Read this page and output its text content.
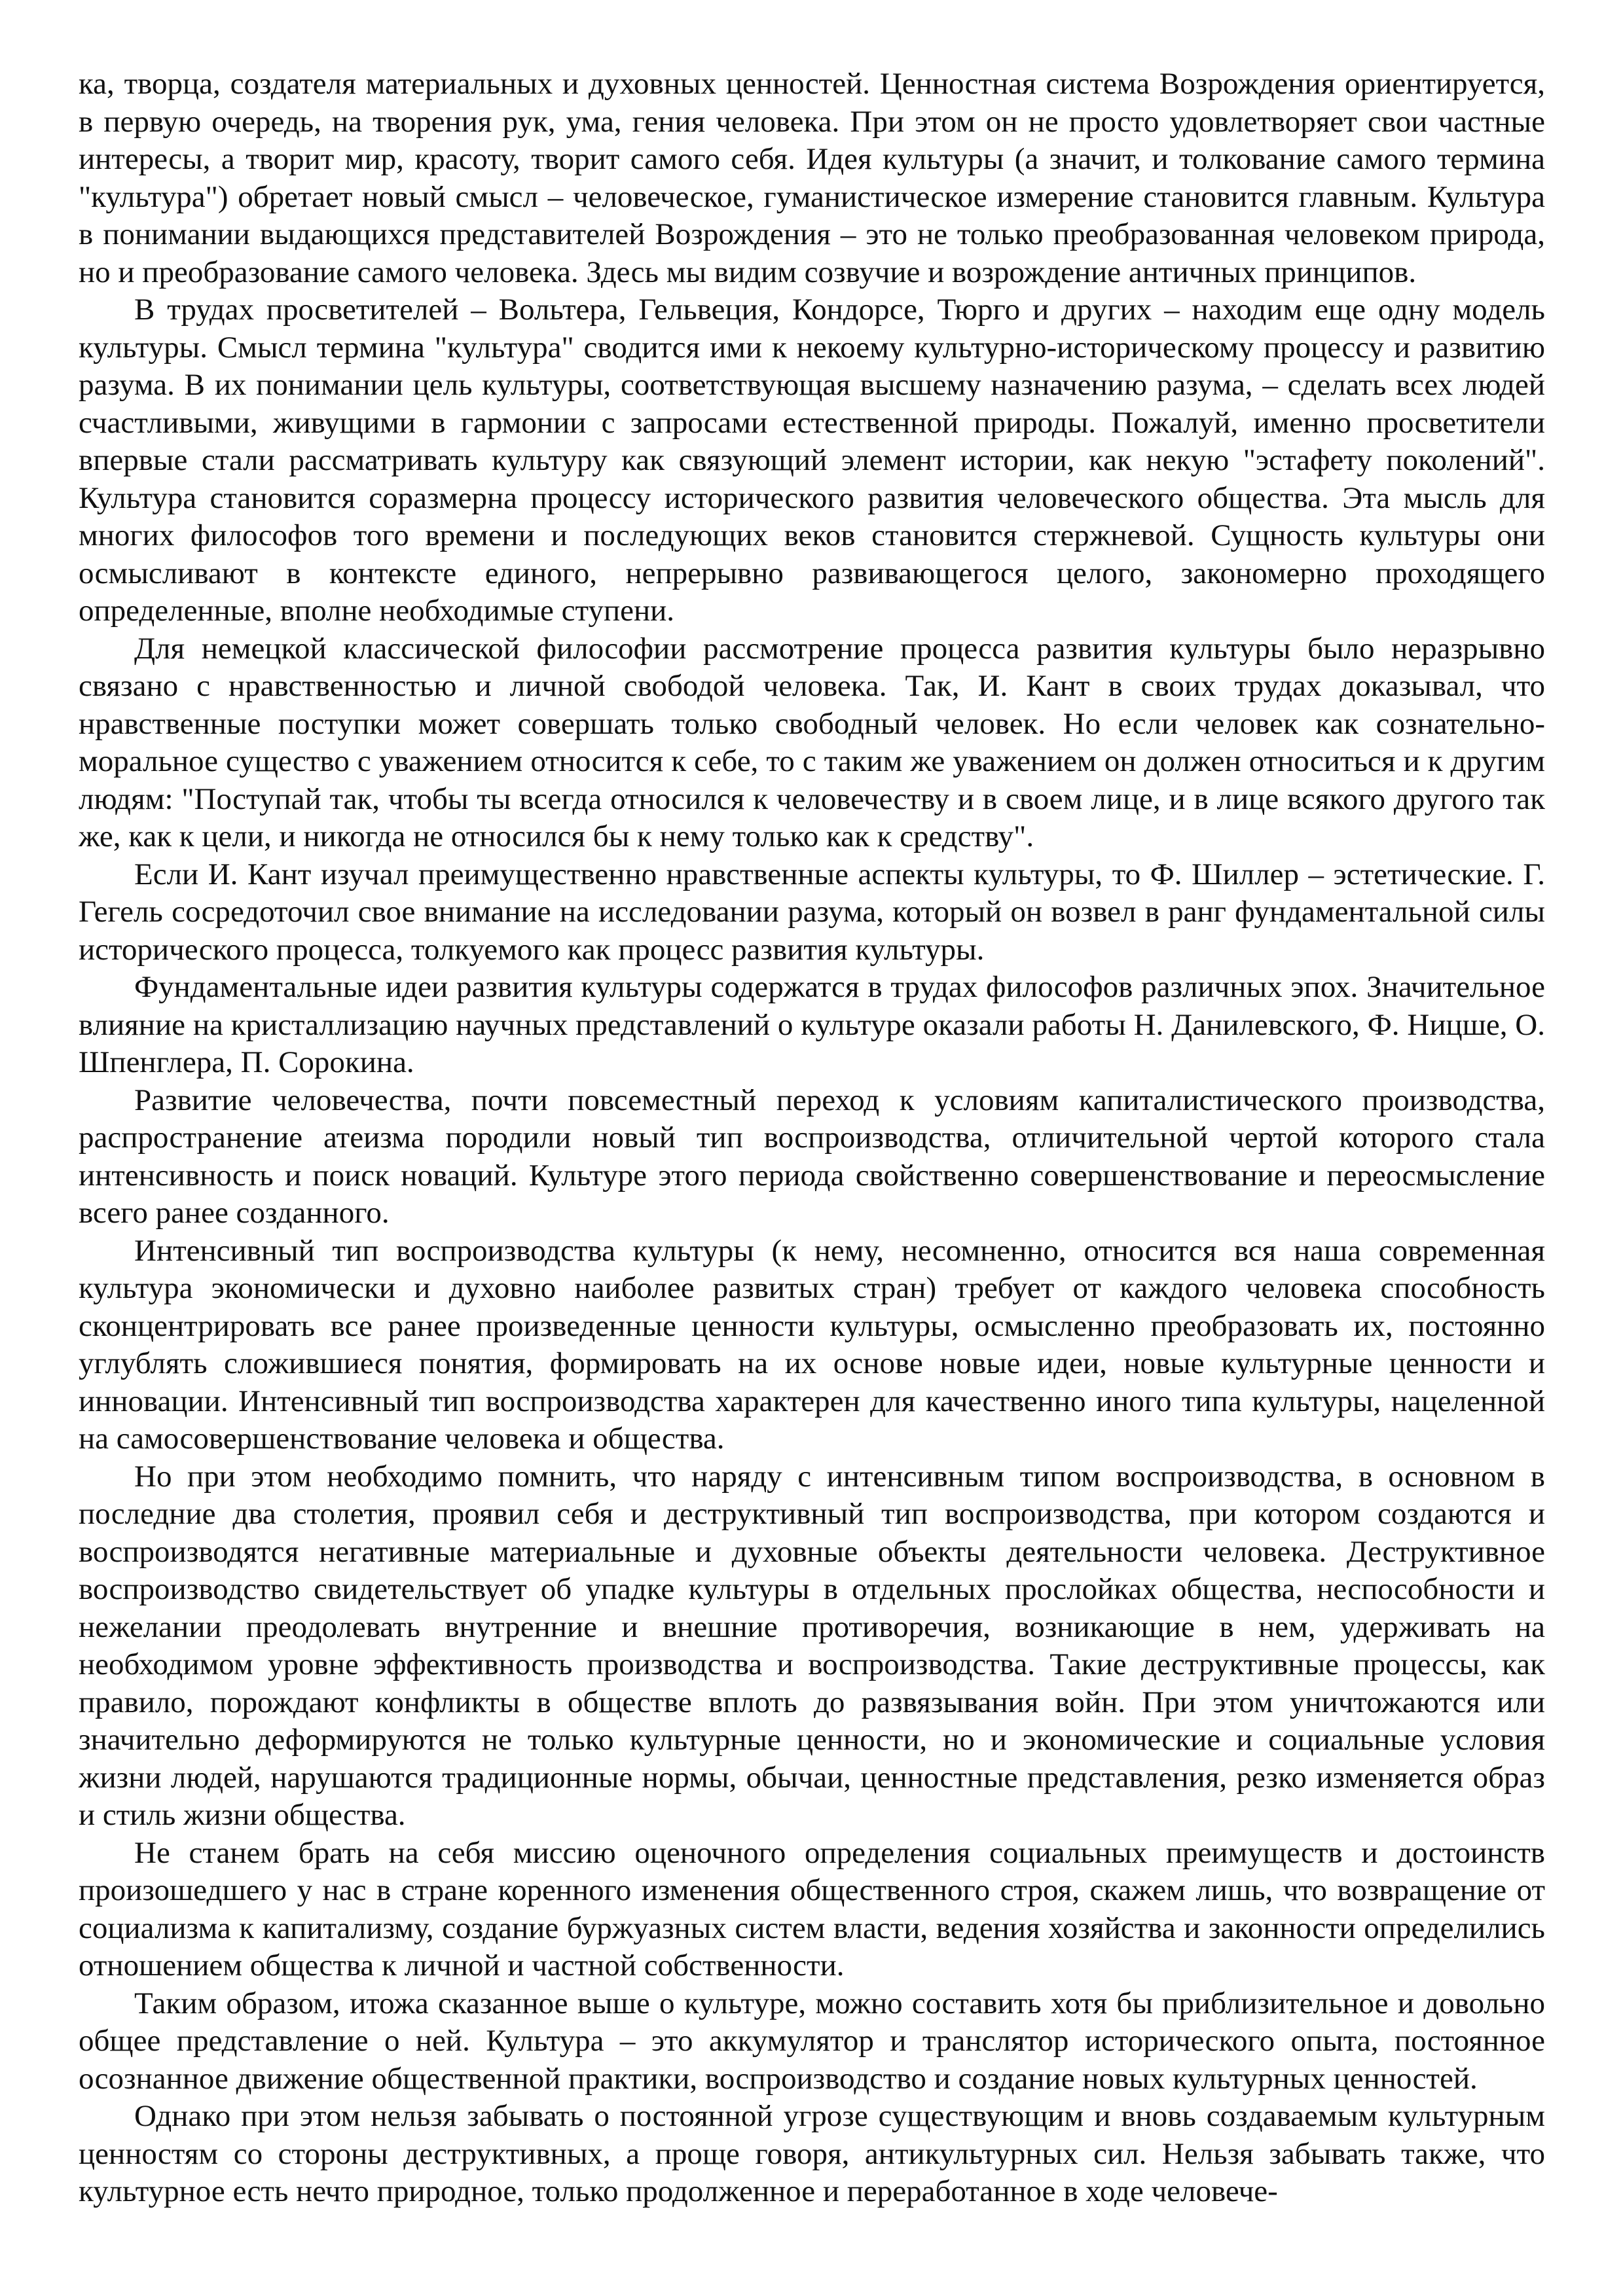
ка, творца, создателя материальных и духовных ценностей. Ценностная система Возрождения ориентируется, в первую очередь, на творения рук, ума, гения человека. При этом он не просто удовлетворяет свои частные интересы, а творит мир, красоту, творит самого себя. Идея культуры (а значит, и толкование самого термина "культура") обретает новый смысл – человеческое, гуманистическое измерение становится главным. Культура в понимании выдающихся представителей Возрождения – это не только преобразованная человеком природа, но и преобразование самого человека. Здесь мы видим созвучие и возрождение античных принципов.

В трудах просветителей – Вольтера, Гельвеция, Кондорсе, Тюрго и других – находим еще одну модель культуры. Смысл термина "культура" сводится ими к некоему культурно-историческому процессу и развитию разума. В их понимании цель культуры, соответствующая высшему назначению разума, – сделать всех людей счастливыми, живущими в гармонии с запросами естественной природы. Пожалуй, именно просветители впервые стали рассматривать культуру как связующий элемент истории, как некую "эстафету поколений". Культура становится соразмерна процессу исторического развития человеческого общества. Эта мысль для многих философов того времени и последующих веков становится стержневой. Сущность культуры они осмысливают в контексте единого, непрерывно развивающегося целого, закономерно проходящего определенные, вполне необходимые ступени.

Для немецкой классической философии рассмотрение процесса развития культуры было неразрывно связано с нравственностью и личной свободой человека. Так, И. Кант в своих трудах доказывал, что нравственные поступки может совершать только свободный человек. Но если человек как сознательноморальное существо с уважением относится к себе, то с таким же уважением он должен относиться и к другим людям: "Поступай так, чтобы ты всегда относился к человечеству и в своем лице, и в лице всякого другого так же, как к цели, и никогда не относился бы к нему только как к средству".

Если И. Кант изучал преимущественно нравственные аспекты культуры, то Ф. Шиллер – эстетические. Г. Гегель сосредоточил свое внимание на исследовании разума, который он возвел в ранг фундаментальной силы исторического процесса, толкуемого как процесс развития культуры.

Фундаментальные идеи развития культуры содержатся в трудах философов различных эпох. Значительное влияние на кристаллизацию научных представлений о культуре оказали работы Н. Данилевского, Ф. Ницше, О. Шпенглера, П. Сорокина.

Развитие человечества, почти повсеместный переход к условиям капиталистического производства, распространение атеизма породили новый тип воспроизводства, отличительной чертой которого стала интенсивность и поиск новаций. Культуре этого периода свойственно совершенствование и переосмысление всего ранее созданного.

Интенсивный тип воспроизводства культуры (к нему, несомненно, относится вся наша современная культура экономически и духовно наиболее развитых стран) требует от каждого человека способность сконцентрировать все ранее произведенные ценности культуры, осмысленно преобразовать их, постоянно углублять сложившиеся понятия, формировать на их основе новые идеи, новые культурные ценности и инновации. Интенсивный тип воспроизводства характерен для качественно иного типа культуры, нацеленной на самосовершенствование человека и общества.

Но при этом необходимо помнить, что наряду с интенсивным типом воспроизводства, в основном в последние два столетия, проявил себя и деструктивный тип воспроизводства, при котором создаются и воспроизводятся негативные материальные и духовные объекты деятельности человека. Деструктивное воспроизводство свидетельствует об упадке культуры в отдельных прослойках общества, неспособности и нежелании преодолевать внутренние и внешние противоречия, возникающие в нем, удерживать на необходимом уровне эффективность производства и воспроизводства. Такие деструктивные процессы, как правило, порождают конфликты в обществе вплоть до развязывания войн. При этом уничтожаются или значительно деформируются не только культурные ценности, но и экономические и социальные условия жизни людей, нарушаются традиционные нормы, обычаи, ценностные представления, резко изменяется образ и стиль жизни общества.

Не станем брать на себя миссию оценочного определения социальных преимуществ и достоинств произошедшего у нас в стране коренного изменения общественного строя, скажем лишь, что возвращение от социализма к капитализму, создание буржуазных систем власти, ведения хозяйства и законности определились отношением общества к личной и частной собственности.

Таким образом, итожа сказанное выше о культуре, можно составить хотя бы приблизительное и довольно общее представление о ней. Культура – это аккумулятор и транслятор исторического опыта, постоянное осознанное движение общественной практики, воспроизводство и создание новых культурных ценностей.

Однако при этом нельзя забывать о постоянной угрозе существующим и вновь создаваемым культурным ценностям со стороны деструктивных, а проще говоря, антикультурных сил. Нельзя забывать также, что культурное есть нечто природное, только продолженное и переработанное в ходе человече-
